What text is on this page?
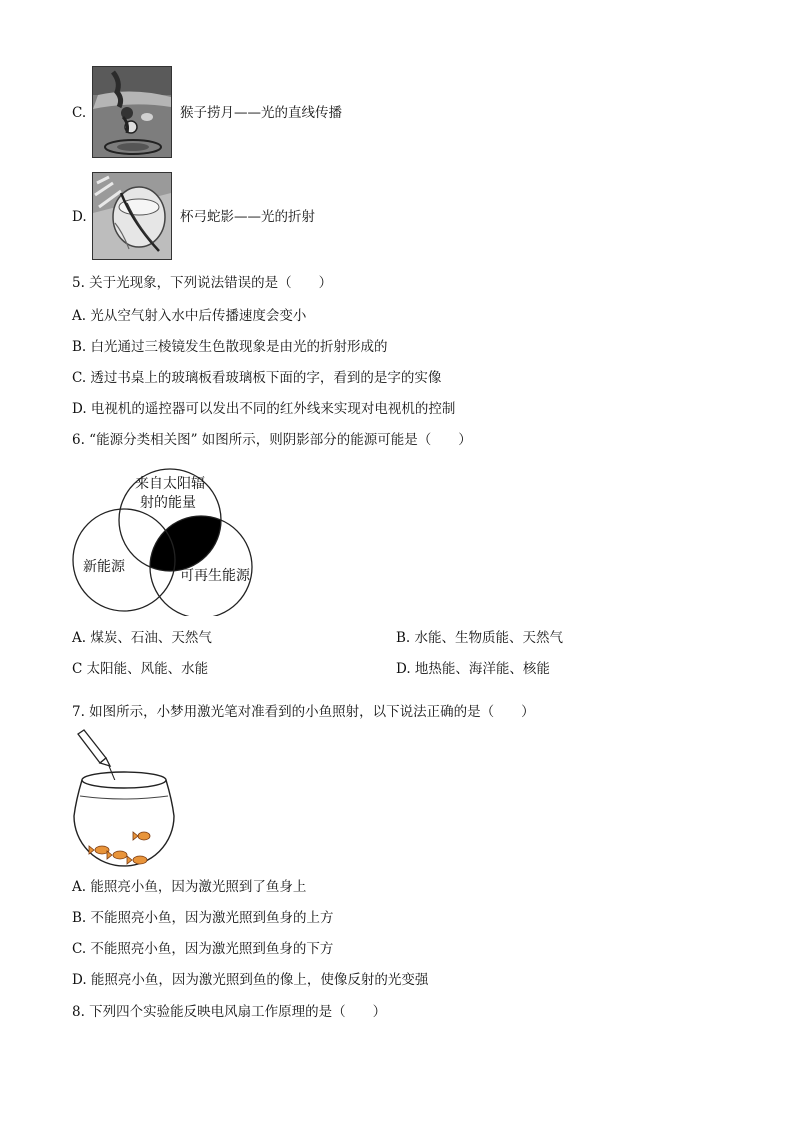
C.	猴子捞月——光的直线传播
D.	杯弓蛇影——光的折射
5. 关于光现象，下列说法错误的是（　　）
A. 光从空气射入水中后传播速度会变小
B. 白光通过三棱镜发生色散现象是由光的折射形成的
C. 透过书桌上的玻璃板看玻璃板下面的字，看到的是字的实像
D. 电视机的遥控器可以发出不同的红外线来实现对电视机的控制
6. “能源分类相关图” 如图所示，则阴影部分的能源可能是（　　）
来自太阳辐
射的能量
新能源
可再生能源
A. 煤炭、石油、天然气	B. 水能、生物质能、天然气
C 太阳能、风能、水能	D. 地热能、海洋能、核能
7. 如图所示，小梦用激光笔对准看到的小鱼照射，以下说法正确的是（　　）
A. 能照亮小鱼，因为激光照到了鱼身上
B. 不能照亮小鱼，因为激光照到鱼身的上方
C. 不能照亮小鱼，因为激光照到鱼身的下方
D. 能照亮小鱼，因为激光照到鱼的像上，使像反射的光变强
8. 下列四个实验能反映电风扇工作原理的是（　　）
